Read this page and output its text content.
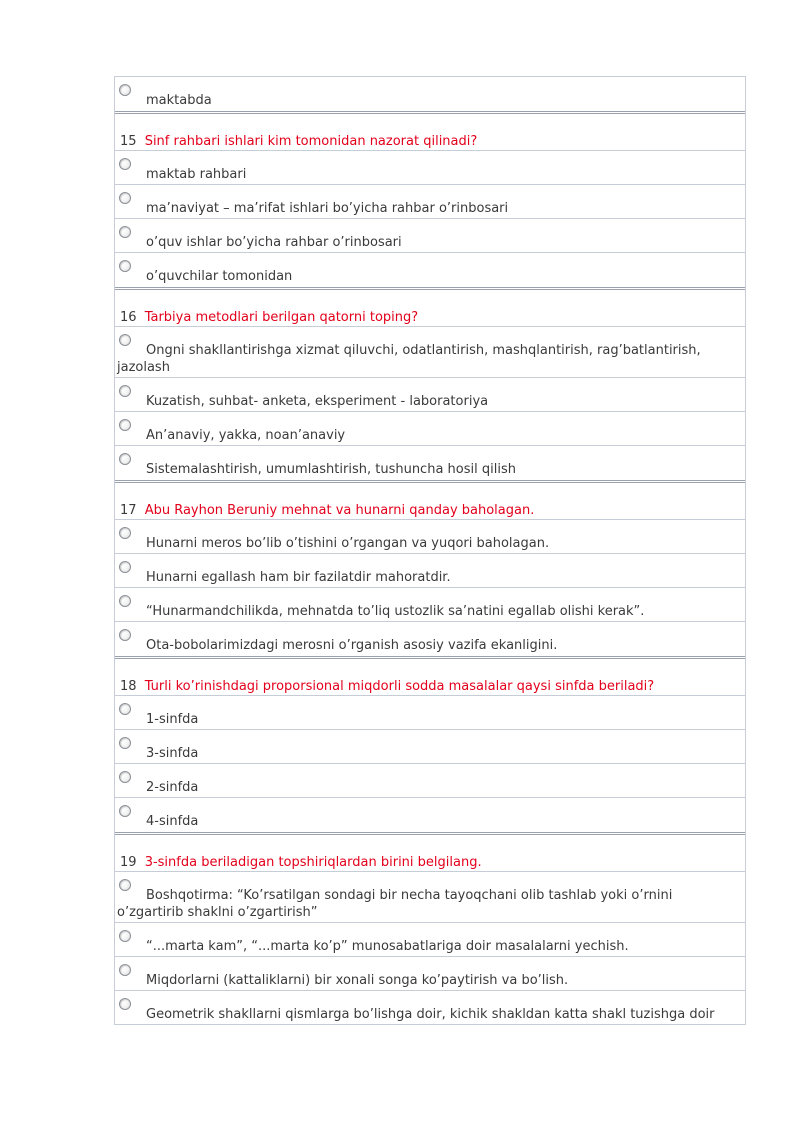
maktabda
15 Sinf rahbari ishlari kim tomonidan nazorat qilinadi?
maktab rahbari
ma’naviyat – ma’rifat ishlari bo’yicha rahbar o’rinbosari
o’quv ishlar bo’yicha rahbar o’rinbosari
o’quvchilar tomonidan
16 Tarbiya metodlari berilgan qatorni toping?
Ongni shakllantirishga xizmat qiluvchi, odatlantirish, mashqlantirish, rag’batlantirish, jazolash
Kuzatish, suhbat- anketa, eksperiment - laboratoriya
An’anaviy, yakka, noan’anaviy
Sistemalashtirish, umumlashtirish, tushuncha hosil qilish
17 Abu Rayhon Beruniy mehnat va hunarni qanday baholagan.
Hunarni meros bo’lib o’tishini o’rgangan va yuqori baholagan.
Hunarni egallash ham bir fazilatdir mahoratdir.
“Hunarmandchilikda, mehnatda to’liq ustozlik sa’natini egallab olishi kerak”.
Ota-bobolarimizdagi merosni o’rganish asosiy vazifa ekanligini.
18 Turli ko’rinishdagi proporsional miqdorli sodda masalalar qaysi sinfda beriladi?
1-sinfda
3-sinfda
2-sinfda
4-sinfda
19 3-sinfda beriladigan topshiriqlardan birini belgilang.
Boshqotirma: “Ko’rsatilgan sondagi bir necha tayoqchani olib tashlab yoki o’rnini o’zgartirib shaklni o’zgartirish”
“...marta kam”, “...marta ko’p” munosabatlariga doir masalalarni yechish.
Miqdorlarni (kattaliklarni) bir xonali songa ko’paytirish va bo’lish.
Geometrik shakllarni qismlarga bo’lishga doir, kichik shakldan katta shakl tuzishga doir
